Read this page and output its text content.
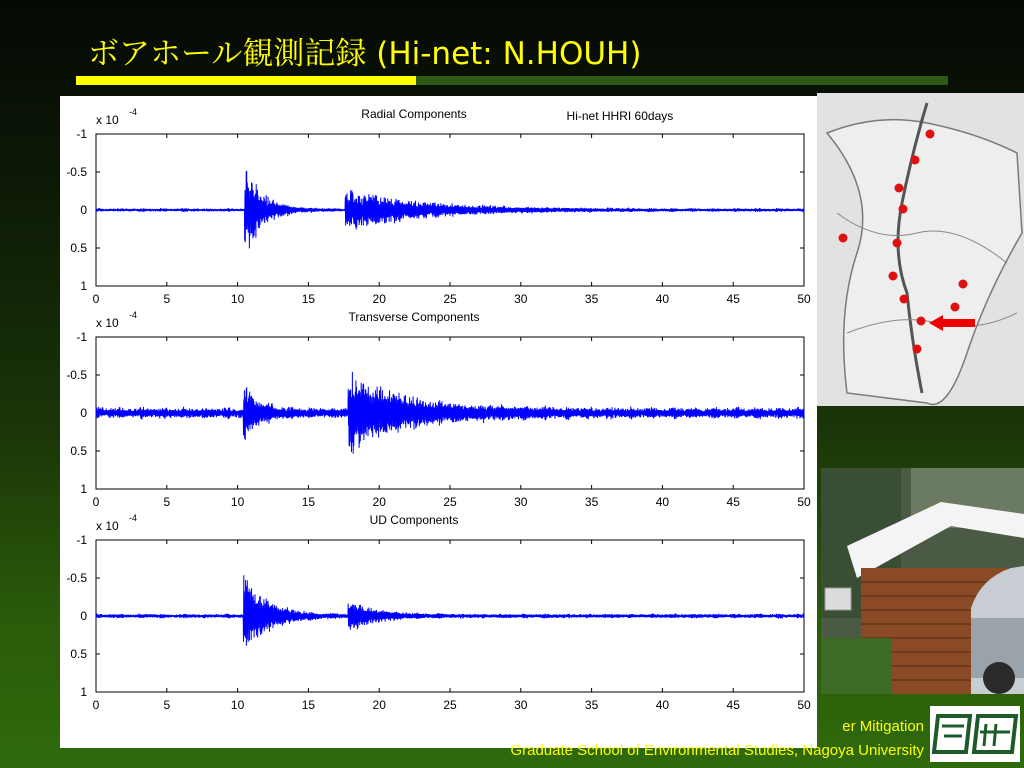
ボアホール観測記録 (Hi-net: N.HOUH)
0	5	10	15	20	25	30	35	40	45	50
-1
-0.5
0
0.5
1
x 10
-4	Radial Components	Hi-net HHRI 60days
0	5	10	15	20	25	30	35	40	45	50
-1
-0.5
0
0.5
1
x 10
-4	Transverse Components
0	5	10	15	20	25	30	35	40	45	50
-1
-0.5
0
0.5
1
x 10
-4	UD Components
er Mitigation
Graduate School of Environmental Studies, Nagoya University
